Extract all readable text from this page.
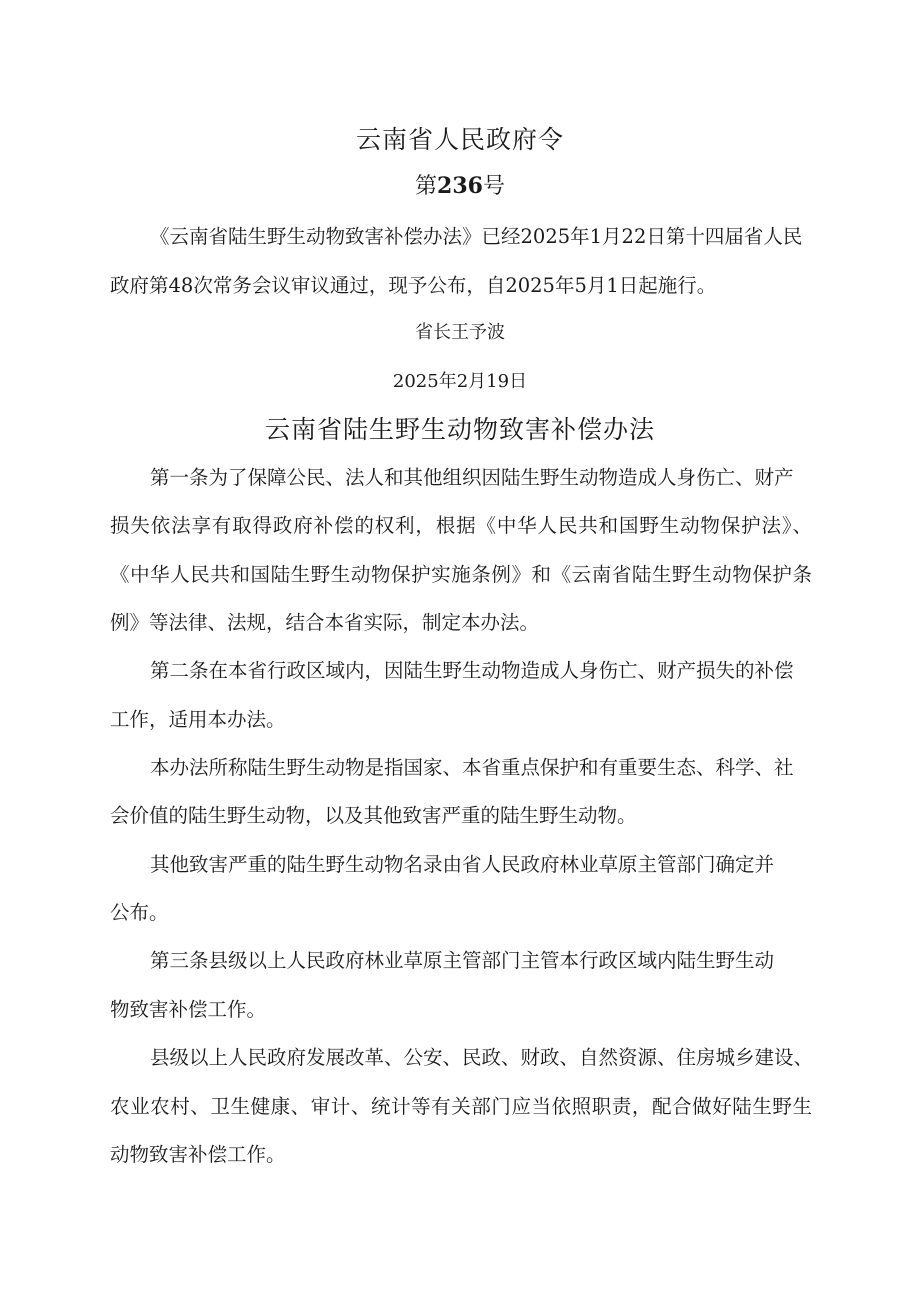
云南省人民政府令
第236号
《云南省陆生野生动物致害补偿办法》已经2025年1月22日第十四届省人民
政府第48次常务会议审议通过，现予公布，自2025年5月1日起施行。
省长王予波
2025年2月19日
云南省陆生野生动物致害补偿办法
第一条为了保障公民、法人和其他组织因陆生野生动物造成人身伤亡、财产
损失依法享有取得政府补偿的权利，根据《中华人民共和国野生动物保护法》、
《中华人民共和国陆生野生动物保护实施条例》和《云南省陆生野生动物保护条
例》等法律、法规，结合本省实际，制定本办法。
第二条在本省行政区域内，因陆生野生动物造成人身伤亡、财产损失的补偿
工作，适用本办法。
本办法所称陆生野生动物是指国家、本省重点保护和有重要生态、科学、社
会价值的陆生野生动物，以及其他致害严重的陆生野生动物。
其他致害严重的陆生野生动物名录由省人民政府林业草原主管部门确定并
公布。
第三条县级以上人民政府林业草原主管部门主管本行政区域内陆生野生动
物致害补偿工作。
县级以上人民政府发展改革、公安、民政、财政、自然资源、住房城乡建设、
农业农村、卫生健康、审计、统计等有关部门应当依照职责，配合做好陆生野生
动物致害补偿工作。
